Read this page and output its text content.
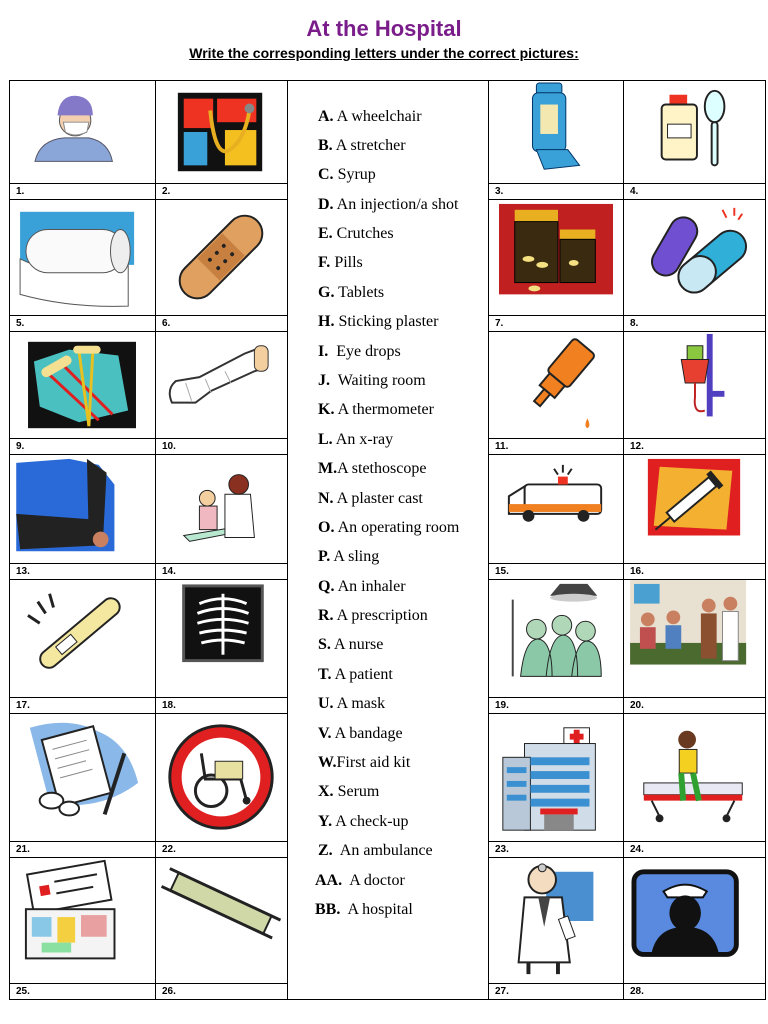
At the Hospital
Write the corresponding letters under the correct pictures:
1.	2.	3.	4.
5.	6.	7.	8.
9.	10.	11.	12.
13.	14.	15.	16.
17.	18.	19.	20.
21.	22.	23.	24.
25.	26.	27.	28.
A. A wheelchair
B. A stretcher
C. Syrup
D. An injection/a shot
E. Crutches
F. Pills
G. Tablets
H. Sticking plaster
I.  Eye drops
J.  Waiting room
K. A thermometer
L. An x-ray
M.A stethoscope
N. A plaster cast
O. An operating room
P. A sling
Q. An inhaler
R. A prescription
S. A nurse
T. A patient
U. A mask
V. A bandage
W.First aid kit
X. Serum
Y. A check-up
Z.  An ambulance
AA.  A doctor
BB.  A hospital
